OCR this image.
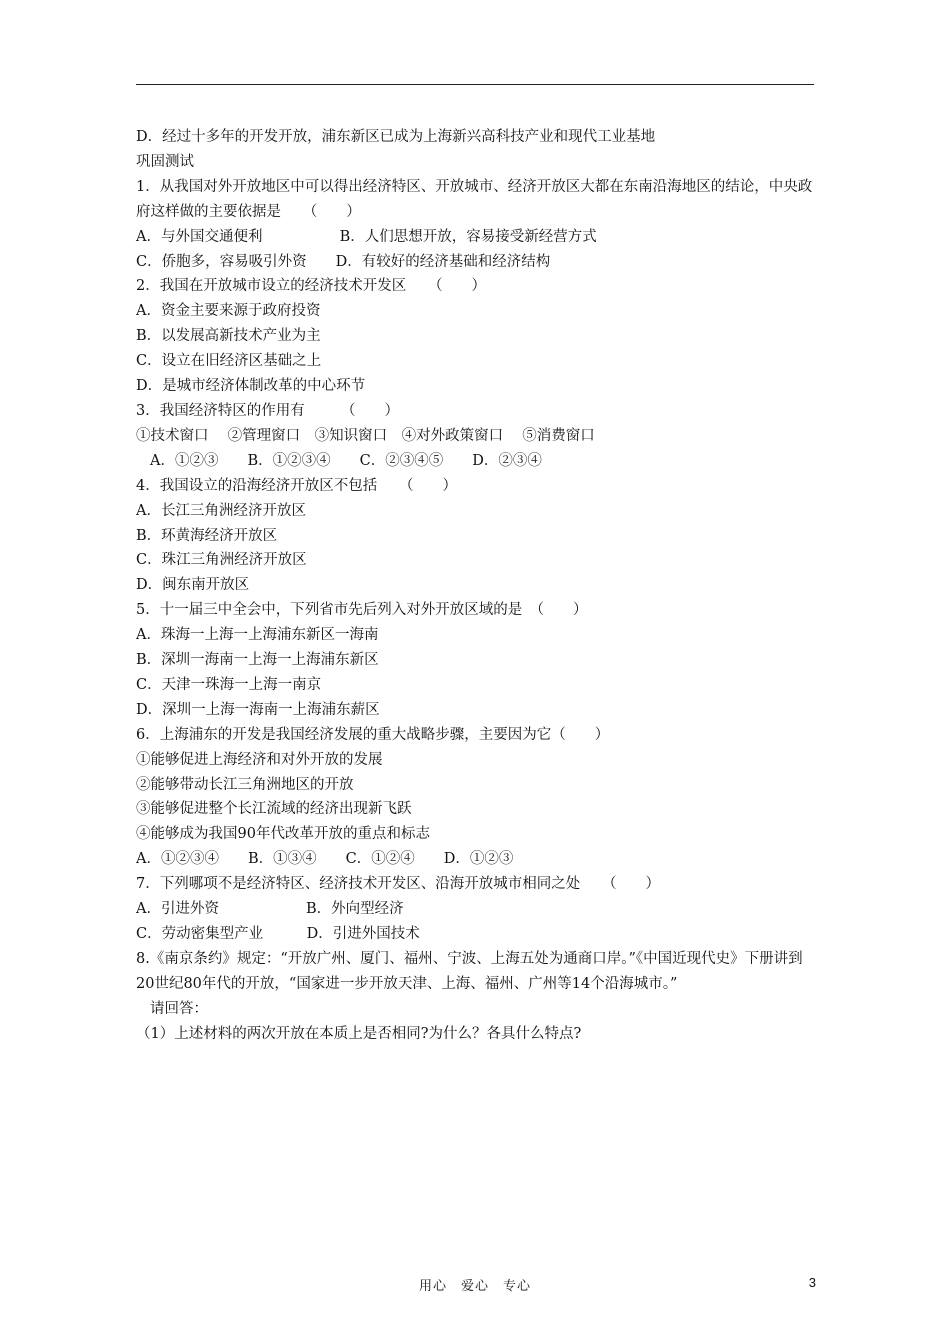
D．经过十多年的开发开放，浦东新区已成为上海新兴高科技产业和现代工业基地
巩固测试
1．从我国对外开放地区中可以得出经济特区、开放城市、经济开放区大都在东南沿海地区的结论，中央政府这样做的主要依据是　　（　　）
A．与外国交通便利　　　　　 B．人们思想开放，容易接受新经营方式
C．侨胞多，容易吸引外资　　D．有较好的经济基础和经济结构
2．我国在开放城市设立的经济技术开发区　　（　　）
A．资金主要来源于政府投资
B．以发展高新技术产业为主
C．设立在旧经济区基础之上
D．是城市经济体制改革的中心环节
3．我国经济特区的作用有　　　（　　）
①技术窗口　 ②管理窗口　③知识窗口　④对外政策窗口　 ⑤消费窗口
A．①②③　　B．①②③④　　C．②③④⑤　　D．②③④
4．我国设立的沿海经济开放区不包括　　（　　）
A．长江三角洲经济开放区
B．环黄海经济开放区
C．珠江三角洲经济开放区
D．闽东南开放区
5．十一届三中全会中，下列省市先后列入对外开放区域的是　（　　）
A．珠海一上海一上海浦东新区一海南
B．深圳一海南一上海一上海浦东新区
C．天津一珠海一上海一南京
D．深圳一上海一海南一上海浦东薪区
6．上海浦东的开发是我国经济发展的重大战略步骤，主要因为它（　　）
①能够促进上海经济和对外开放的发展
②能够带动长江三角洲地区的开放
③能够促进整个长江流域的经济出现新飞跃
④能够成为我国90年代改革开放的重点和标志
A．①②③④　　B．①③④　　C．①②④　　D．①②③
7．下列哪项不是经济特区、经济技术开发区、沿海开放城市相同之处　　（　　）
A．引进外资　　　　　　B．外向型经济
C．劳动密集型产业　　　D．引进外国技术
8.《南京条约》规定：“开放广州、厦门、福州、宁波、上海五处为通商口岸。”《中国近现代史》下册讲到20世纪80年代的开放，“国家进一步开放天津、上海、福州、广州等14个沿海城市。”
请回答：
（1）上述材料的两次开放在本质上是否相同?为什么？各具什么特点?
用心　爱心　专心	3
